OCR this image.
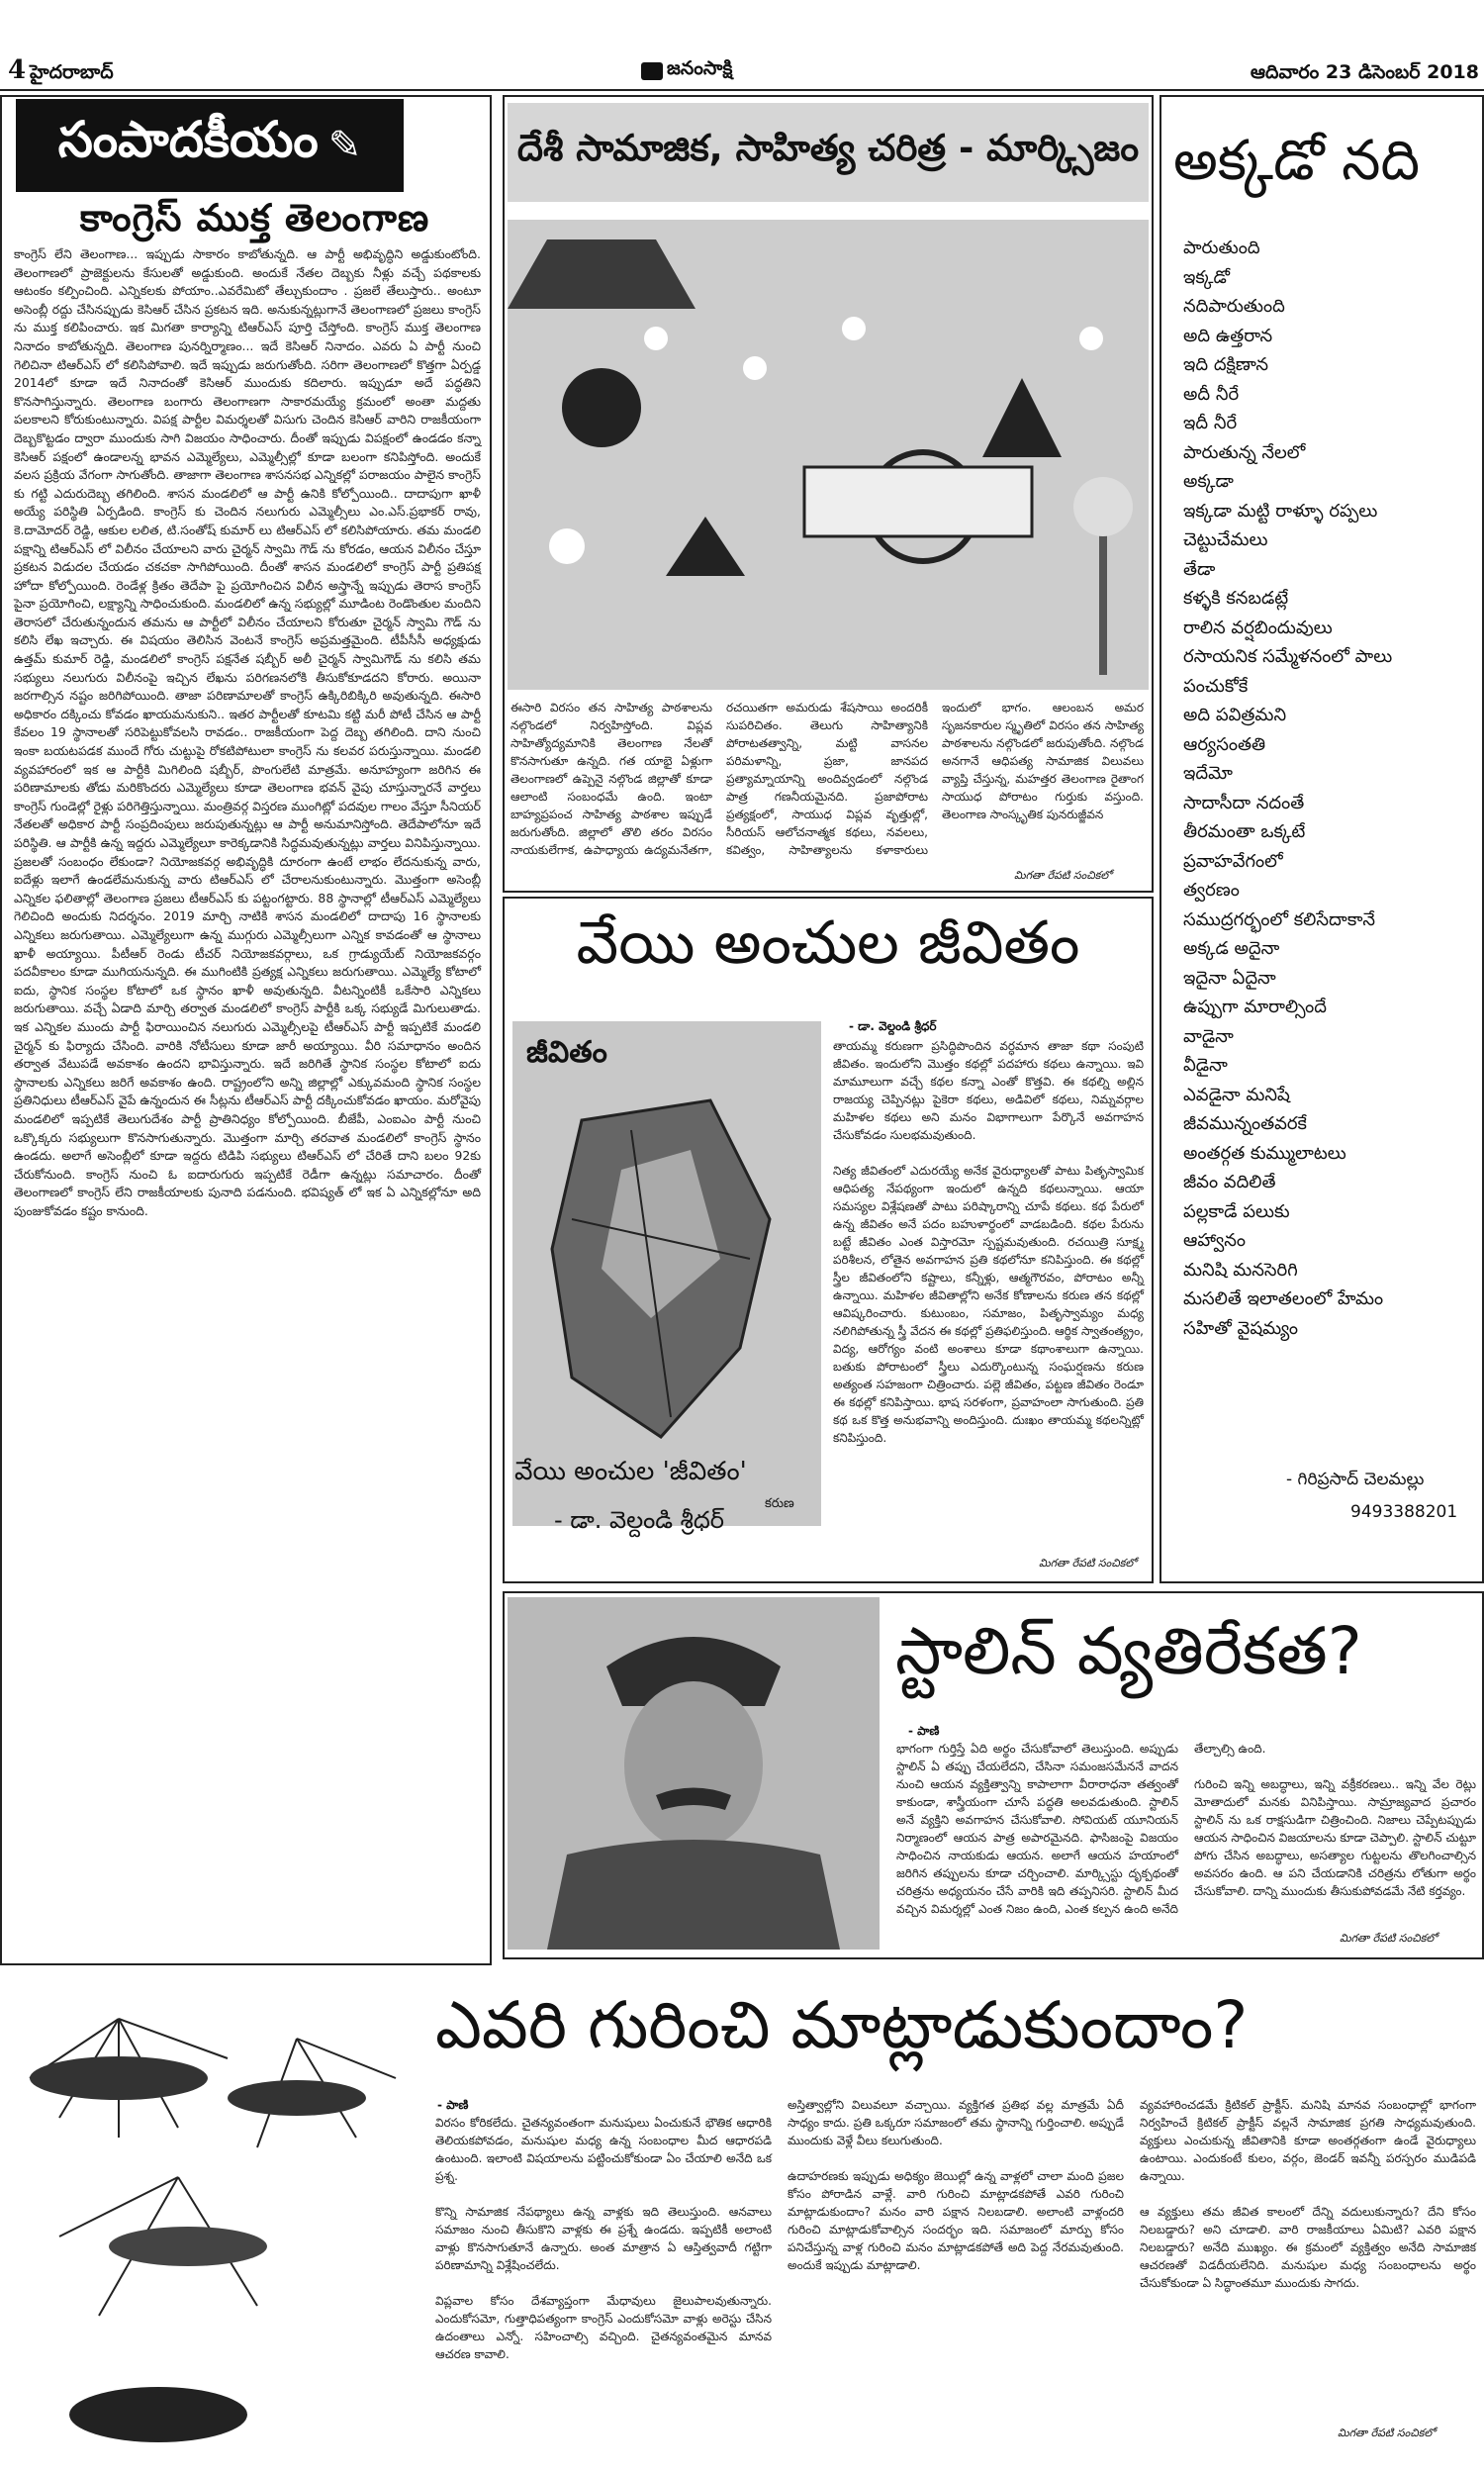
4 హైదరాబాద్	జనంసాక్షి	ఆదివారం 23 డిసెంబర్ 2018
సంపాదకీయం ✎
కాంగ్రెస్ ముక్త తెలంగాణ
కాంగ్రెస్ లేని తెలంగాణ... ఇప్పుడు సాకారం కాబోతున్నది. ఆ పార్టీ అభివృద్ధిని అడ్డుకుంటోంది. తెలంగాణలో ప్రాజెక్టులను కేసులతో అడ్డుకుంది. అందుకే నేతల దెబ్బకు నీళ్లు వచ్చే పథకాలకు ఆటంకం కల్పించింది. ఎన్నికలకు పోయాం..ఎవరేమిటో తేల్చుకుందాం . ప్రజలే తేలుస్తారు.. అంటూ అసెంబ్లీ రద్దు చేసినప్పుడు కెసిఆర్ చేసిన ప్రకటన ఇది. అనుకున్నట్లుగానే తెలంగాణలో ప్రజలు కాంగ్రెస్ ను ముక్త కలిపించారు. ఇక మిగతా కార్యాన్ని టిఆర్ఎస్ పూర్తి చేస్తోంది. కాంగ్రెస్ ముక్త తెలంగాణ నినాదం కాబోతున్నది. తెలంగాణ పునర్నిర్మాణం... ఇదే కెసిఆర్ నినాదం. ఎవరు ఏ పార్టీ నుంచి గెలిచినా టిఆర్ఎస్ లో కలిసిపోవాలి. ఇదే ఇప్పుడు జరుగుతోంది. సరిగా తెలంగాణలో కొత్తగా ఏర్పడ్డ 2014లో కూడా ఇదే నినాదంతో కెసిఆర్ ముందుకు కదిలారు. ఇప్పుడూ అదే పద్ధతిని కొనసాగిస్తున్నారు. తెలంగాణ బంగారు తెలంగాణగా సాకారమయ్యే క్రమంలో అంతా మద్దతు పలకాలని కోరుకుంటున్నారు. విపక్ష పార్టీల విమర్శలతో విసుగు చెందిన కెసిఆర్ వారిని రాజకీయంగా దెబ్బకొట్టడం ద్వారా ముందుకు సాగి విజయం సాధించారు. దీంతో ఇప్పుడు విపక్షంలో ఉండడం కన్నా కెసిఆర్ పక్షంలో ఉండాలన్న భావన ఎమ్మెల్యేలు, ఎమ్మెల్సీల్లో కూడా బలంగా కనిపిస్తోంది. అందుకే వలస ప్రక్రియ వేగంగా సాగుతోంది. తాజాగా తెలంగాణ శాసనసభ ఎన్నికల్లో పరాజయం పాలైన కాంగ్రెస్ కు గట్టి ఎదురుదెబ్బ తగిలింది. శాసన మండలిలో ఆ పార్టీ ఉనికి కోల్పోయింది.. దాదాపుగా ఖాళీ అయ్యే పరిస్థితి ఏర్పడింది. కాంగ్రెస్ కు చెందిన నలుగురు ఎమ్మెల్సీలు ఎం.ఎస్.ప్రభాకర్ రావు, కె.దామోదర్ రెడ్డి, ఆకుల లలిత, టి.సంతోష్ కుమార్ లు టిఆర్ఎస్ లో కలిసిపోయారు. తమ మండలి పక్షాన్ని టిఆర్ఎస్ లో విలీనం చేయాలని వారు చైర్మన్ స్వామి గౌడ్ ను కోరడం, ఆయన విలీనం చేస్తూ ప్రకటన విడుదల చేయడం చకచకా సాగిపోయింది. దీంతో శాసన మండలిలో కాంగ్రెస్ పార్టీ ప్రతిపక్ష హోదా కోల్పోయింది. రెండేళ్ల క్రితం తెదేపా పై ప్రయోగించిన విలీన అస్త్రాన్నే ఇప్పుడు తెరాస కాంగ్రెస్ పైనా ప్రయోగించి, లక్ష్యాన్ని సాధించుకుంది. మండలిలో ఉన్న సభ్యుల్లో మూడింట రెండొంతుల మందిని తెరాసలో చేరుతున్నందున తమను ఆ పార్టీలో విలీనం చేయాలని కోరుతూ చైర్మన్ స్వామి గౌడ్ ను కలిసి లేఖ ఇచ్చారు. ఈ విషయం తెలిసిన వెంటనే కాంగ్రెస్ అప్రమత్తమైంది. టీపీసీసీ అధ్యక్షుడు ఉత్తమ్ కుమార్ రెడ్డి, మండలిలో కాంగ్రెస్ పక్షనేత షబ్బీర్ అలీ చైర్మన్ స్వామిగౌడ్ ను కలిసి తమ సభ్యులు నలుగురు విలీనంపై ఇచ్చిన లేఖను పరిగణనలోకి తీసుకోకూడదని కోరారు. అయినా జరగాల్సిన నష్టం జరిగిపోయింది. తాజా పరిణామాలతో కాంగ్రెస్ ఉక్కిరిబిక్కిరి అవుతున్నది. ఈసారి అధికారం దక్కించు కోవడం ఖాయమనుకుని.. ఇతర పార్టీలతో కూటమి కట్టి మరీ పోటీ చేసిన ఆ పార్టీ కేవలం 19 స్థానాలతో సరిపెట్టుకోవలసి రావడం.. రాజకీయంగా పెద్ద దెబ్బ తగిలింది. దాని నుంచి ఇంకా బయటపడక ముందే గోరు చుట్టుపై రోకటిపోటులా కాంగ్రెస్ ను కలవర పరుస్తున్నాయి. మండలి వ్యవహారంలో ఇక ఆ పార్టీకి మిగిలింది షబ్బీర్, పొంగులేటి మాత్రమే. అనూహ్యంగా జరిగిన ఈ పరిణామాలకు తోడు మరికొందరు ఎమ్మెల్యేలు కూడా తెలంగాణ భవన్ వైపు చూస్తున్నారనే వార్తలు కాంగ్రెస్ గుండెల్లో రైళ్లు పరిగెత్తిస్తున్నాయి. మంత్రివర్గ విస్తరణ ముంగిట్లో పదవుల గాలం వేస్తూ సీనియర్ నేతలతో అధికార పార్టీ సంప్రదింపులు జరుపుతున్నట్లు ఆ పార్టీ అనుమానిస్తోంది. తెదేపాలోనూ ఇదే పరిస్థితి. ఆ పార్టీకి ఉన్న ఇద్దరు ఎమ్మెల్యేలూ కారెక్కడానికి సిద్ధమవుతున్నట్లు వార్తలు వినిపిస్తున్నాయి. ప్రజలతో సంబంధం లేకుండా? నియోజకవర్గ అభివృద్ధికి దూరంగా ఉంటే లాభం లేదనుకున్న వారు, ఐదేళ్లు ఇలాగే ఉండలేమనుకున్న వారు టిఆర్ఎస్ లో చేరాలనుకుంటున్నారు. మొత్తంగా అసెంబ్లీ ఎన్నికల ఫలితాల్లో తెలంగాణ ప్రజలు టీఆర్ఎస్ కు పట్టంగట్టారు. 88 స్థానాల్లో టీఆర్ఎస్ ఎమ్మెల్యేలు గెలిచింది అందుకు నిదర్శనం. 2019 మార్చి నాటికి శాసన మండలిలో దాదాపు 16 స్థానాలకు ఎన్నికలు జరుగుతాయి. ఎమ్మెల్యేలుగా ఉన్న ముగ్గురు ఎమ్మెల్సీలుగా ఎన్నిక కావడంతో ఆ స్థానాలు ఖాళీ అయ్యాయి. పీటీఆర్ రెండు టీచర్ నియోజకవర్గాలు, ఒక గ్రాడ్యుయేట్ నియోజకవర్గం పదవీకాలం కూడా ముగియనున్నది. ఈ ముగింటికి ప్రత్యక్ష ఎన్నికలు జరుగుతాయి. ఎమ్మెల్యే కోటాలో ఐదు, స్థానిక సంస్థల కోటాలో ఒక స్థానం ఖాళీ అవుతున్నది. వీటన్నింటికీ ఒకేసారి ఎన్నికలు జరుగుతాయి. వచ్చే ఏడాది మార్చి తర్వాత మండలిలో కాంగ్రెస్ పార్టీకి ఒక్క సభ్యుడే మిగులుతాడు. ఇక ఎన్నికల ముందు పార్టీ ఫిరాయించిన నలుగురు ఎమ్మెల్సీలపై టీఆర్ఎస్ పార్టీ ఇప్పటికే మండలి చైర్మన్ కు ఫిర్యాదు చేసింది. వారికి నోటీసులు కూడా జారీ అయ్యాయి. వీరి సమాధానం అందిన తర్వాత వేటుపడే అవకాశం ఉందని భావిస్తున్నారు. ఇదే జరిగితే స్థానిక సంస్థల కోటాలో ఐదు స్థానాలకు ఎన్నికలు జరిగే అవకాశం ఉంది. రాష్ట్రంలోని అన్ని జిల్లాల్లో ఎక్కువమంది స్థానిక సంస్థల ప్రతినిధులు టీఆర్ఎస్ వైపే ఉన్నందున ఈ సీట్లను టీఆర్ఎస్ పార్టీ దక్కించుకోవడం ఖాయం. మరోవైపు మండలిలో ఇప్పటికే తెలుగుదేశం పార్టీ ప్రాతినిధ్యం కోల్పోయింది. బీజేపీ, ఎంఐఎం పార్టీ నుంచి ఒక్కొక్కరు సభ్యులుగా కొనసాగుతున్నారు. మొత్తంగా మార్చి తరవాత మండలిలో కాంగ్రెస్ స్థానం ఉండదు. అలాగే అసెంబ్లీలో కూడా ఇద్దరు టిడిపి సభ్యులు టిఆర్ఎస్ లో చేరితే దాని బలం 92కు చేరుకోనుంది. కాంగ్రెస్ నుంచి ఓ ఐదారుగురు ఇప్పటికే రెడీగా ఉన్నట్లు సమాచారం. దీంతో తెలంగాణలో కాంగ్రెస్ లేని రాజకీయాలకు పునాది పడనుంది. భవిష్యత్ లో ఇక ఏ ఎన్నికల్లోనూ అది పుంజుకోవడం కష్టం కానుంది.
దేశీ సామాజిక, సాహిత్య చరిత్ర - మార్క్సిజం
ఈసారి విరసం తన సాహిత్య పాఠశాలను నల్గొండలో నిర్వహిస్తోంది. విప్లవ సాహిత్యోద్యమానికి తెలంగాణ నేలతో కొనసాగుతూ ఉన్నది. గత యాభై ఏళ్లుగా తెలంగాణలో ఉప్పెనై నల్గొండ జిల్లాతో కూడా ఆలాంటి సంబంధమే ఉంది. ఇంటా బాహ్యప్రపంచ సాహిత్య పాఠశాల ఇప్పుడే జరుగుతోంది. జిల్లాలో తొలి తరం విరసం నాయకులేగాక, ఉపాధ్యాయ ఉద్యమనేతగా, రచయితగా అమరుడు శేషసాయి అందరికీ సుపరిచితం. తెలుగు సాహిత్యానికి పోరాటతత్వాన్ని, మట్టి వాసనల పరిమళాన్ని, ప్రజా, జానపద ప్రత్యామ్నాయాన్ని అందివ్వడంలో నల్గొండ పాత్ర గణనీయమైనది. ప్రజాపోరాట ప్రత్యక్షంలో, సాయుధ విప్లవ వృత్తుల్లో, సీరియస్ ఆలోచనాత్మక కథలు, నవలలు, కవిత్వం, సాహిత్యాలను కళాకారులు ఇందులో భాగం. ఆలంబన అమర సృజనకారుల స్మృతిలో విరసం తన సాహిత్య పాఠశాలను నల్గొండలో జరుపుతోంది. నల్గొండ అనగానే ఆధిపత్య సామాజిక విలువలు వ్యాప్తి చేస్తున్న, మహత్తర తెలంగాణ రైతాంగ సాయుధ పోరాటం గుర్తుకు వస్తుంది. తెలంగాణ సాంస్కృతిక పునరుజ్జీవన
మిగతా రేపటి సంచికలో
అక్కడో నది
పారుతుంది
ఇక్కడో
నదిపారుతుంది
అది ఉత్తరాన
ఇది దక్షిణాన
అదీ నీరే
ఇదీ నీరే
పారుతున్న నేలలో
అక్కడా
ఇక్కడా మట్టి రాళ్ళూ రప్పలు
చెట్టుచేమలు
తేడా
కళ్ళకి కనబడట్లే
రాలిన వర్షబిందువులు
రసాయనిక సమ్మేళనంలో పాలు
పంచుకోకే
అది పవిత్రమని
ఆర్యసంతతి
ఇదేమో
సాదాసీదా నదంతే
తీరమంతా ఒక్కటే
ప్రవాహవేగంలో
త్వరణం
సముద్రగర్భంలో కలిసేదాకానే
అక్కడ అదైనా
ఇదైనా ఏదైనా
ఉప్పుగా మారాల్సిందే
వాడైనా
వీడైనా
ఎవడైనా మనిషే
జీవమున్నంతవరకే
అంతర్గత కుమ్ములాటలు
జీవం వదిలితే
పల్లకాడే పలుకు
ఆహ్వానం
మనిషి మనసెరిగి
మసలితే ఇలాతలంలో హేమం
సహితో వైషమ్యం
- గిరిప్రసాద్ చెలమల్లు
9493388201
వేయి అంచుల జీవితం
జీవితం
కరుణ
వేయి అంచుల 'జీవితం'
- డా. వెల్దండి శ్రీధర్
- డా. వెల్దండి శ్రీధర్
తాయమ్మ కరుణగా ప్రసిద్ధిపొందిన వర్ధమాన తాజా కథా సంపుటి జీవితం. ఇందులోని మొత్తం కథల్లో పదహారు కథలు ఉన్నాయి. ఇవి మామూలుగా వచ్చే కథల కన్నా ఎంతో కొత్తవి. ఈ కథల్ని అల్లిన రాజయ్య చెప్పినట్లు పైకెరా కథలు, అడివిలో కథలు, నిమ్నవర్గాల మహిళల కథలు అని మనం విభాగాలుగా పేర్కొనే అవగాహన చేసుకోవడం సులభమవుతుంది.

నిత్య జీవితంలో ఎదురయ్యే అనేక వైరుధ్యాలతో పాటు పితృస్వామిక ఆధిపత్య నేపథ్యంగా ఇందులో ఉన్నది కథలున్నాయి. ఆయా సమస్యల విశ్లేషణతో పాటు పరిష్కారాన్ని చూపే కథలు. కథ పేరులో ఉన్న జీవితం అనే పదం బహుళార్థంలో వాడబడింది. కథల పేరును బట్టే జీవితం ఎంత విస్తారమో స్పష్టమవుతుంది. రచయిత్రి సూక్ష్మ పరిశీలన, లోతైన అవగాహన ప్రతి కథలోనూ కనిపిస్తుంది. ఈ కథల్లో స్త్రీల జీవితంలోని కష్టాలు, కన్నీళ్లు, ఆత్మగౌరవం, పోరాటం అన్నీ ఉన్నాయి. మహిళల జీవితాల్లోని అనేక కోణాలను కరుణ తన కథల్లో ఆవిష్కరించారు. కుటుంబం, సమాజం, పితృస్వామ్యం మధ్య నలిగిపోతున్న స్త్రీ వేదన ఈ కథల్లో ప్రతిఫలిస్తుంది. ఆర్థిక స్వాతంత్య్రం, విద్య, ఆరోగ్యం వంటి అంశాలు కూడా కథాంశాలుగా ఉన్నాయి. బతుకు పోరాటంలో స్త్రీలు ఎదుర్కొంటున్న సంఘర్షణను కరుణ అత్యంత సహజంగా చిత్రించారు. పల్లె జీవితం, పట్టణ జీవితం రెండూ ఈ కథల్లో కనిపిస్తాయి. భాష సరళంగా, ప్రవాహంలా సాగుతుంది. ప్రతి కథ ఒక కొత్త అనుభవాన్ని అందిస్తుంది. దుఃఖం తాయమ్మ కథలన్నిట్లో కనిపిస్తుంది.
మిగతా రేపటి సంచికలో
స్టాలిన్ వ్యతిరేకత?
- పాణి
భాగంగా గుర్తిస్తే ఏది అర్థం చేసుకోవాలో తెలుస్తుంది. అప్పుడు స్టాలిన్ ఏ తప్పు చేయలేదని, చేసినా సమంజసమేననే వాదన నుంచి ఆయన వ్యక్తిత్వాన్ని కాపాలాగా వీరారాధనా తత్వంతో కాకుండా, శాస్త్రీయంగా చూసే పద్ధతి అలవడుతుంది. స్టాలిన్ అనే వ్యక్తిని అవగాహన చేసుకోవాలి. సోవియట్ యూనియన్ నిర్మాణంలో ఆయన పాత్ర అపారమైనది. ఫాసిజంపై విజయం సాధించిన నాయకుడు ఆయన. అలాగే ఆయన హయాంలో జరిగిన తప్పులను కూడా చర్చించాలి. మార్క్సిస్టు దృక్పథంతో చరిత్రను అధ్యయనం చేసే వారికి ఇది తప్పనిసరి. స్టాలిన్ మీద వచ్చిన విమర్శల్లో ఎంత నిజం ఉంది, ఎంత కల్పన ఉంది అనేది తేల్చాల్సి ఉంది.

గురించి ఇన్ని అబద్ధాలు, ఇన్ని వక్రీకరణలు.. ఇన్ని వేల రెట్లు మోతాదులో మనకు వినిపిస్తాయి. సామ్రాజ్యవాద ప్రచారం స్టాలిన్ ను ఒక రాక్షసుడిగా చిత్రించింది. నిజాలు చెప్పేటప్పుడు ఆయన సాధించిన విజయాలను కూడా చెప్పాలి. స్టాలిన్ చుట్టూ పోగు చేసిన అబద్ధాలు, అసత్యాల గుట్టలను తొలగించాల్సిన అవసరం ఉంది. ఆ పని చేయడానికి చరిత్రను లోతుగా అర్థం చేసుకోవాలి. దాన్ని ముందుకు తీసుకుపోవడమే నేటి కర్తవ్యం.
మిగతా రేపటి సంచికలో
ఎవరి గురించి మాట్లాడుకుందాం?
- పాణి
విరసం కోరికలేదు. చైతన్యవంతంగా మనుషులు ఏంచుకునే భౌతిక ఆధారికి తెలియకపోవడం, మనుషుల మధ్య ఉన్న సంబంధాల మీద ఆధారపడి ఉంటుంది. ఇలాంటి విషయాలను పట్టించుకోకుండా ఏం చేయాలి అనేది ఒక ప్రశ్న.

కొన్ని సామాజిక నేపథ్యాలు ఉన్న వాళ్లకు ఇది తెలుస్తుంది. ఆనవాలు సమాజం నుంచి తీసుకొని వాళ్లకు ఈ ప్రశ్నే ఉండదు. ఇప్పటికీ అలాంటి వాళ్లు కొనసాగుతూనే ఉన్నారు. అంత మాత్రాన ఏ ఆస్తిత్వవాదీ గట్టిగా పరిణామాన్ని విశ్లేషించలేదు.

విప్లవాల కోసం దేశవ్యాప్తంగా మేధావులు జైలుపాలవుతున్నారు. ఎందుకోసమో, గుత్తాధిపత్యంగా కాంగ్రెస్ ఎందుకోసమో వాళ్లు అరెస్టు చేసిన ఉదంతాలు ఎన్నో. సహించాల్సి వచ్చింది. చైతన్యవంతమైన మానవ ఆచరణ కావాలి.
అస్తిత్వాల్లోని విలువలూ వచ్చాయి. వ్యక్తిగత ప్రతిభ వల్ల మాత్రమే ఏదీ సాధ్యం కాదు. ప్రతి ఒక్కరూ సమాజంలో తమ స్థానాన్ని గుర్తించాలి. అప్పుడే ముందుకు వెళ్లే వీలు కలుగుతుంది.

ఉదాహరణకు ఇప్పుడు అధిక్యం జెయిల్లో ఉన్న వాళ్లలో చాలా మంది ప్రజల కోసం పోరాడిన వాళ్లే. వారి గురించి మాట్లాడకపోతే ఎవరి గురించి మాట్లాడుకుందాం? మనం వారి పక్షాన నిలబడాలి. అలాంటి వాళ్లందరి గురించి మాట్లాడుకోవాల్సిన సందర్భం ఇది. సమాజంలో మార్పు కోసం పనిచేస్తున్న వాళ్ల గురించి మనం మాట్లాడకపోతే అది పెద్ద నేరమవుతుంది. అందుకే ఇప్పుడు మాట్లాడాలి.
వ్యవహారించడమే క్రిటికల్ ప్రాక్టీస్. మనిషి మానవ సంబంధాల్లో భాగంగా నిర్వహించే క్రిటికల్ ప్రాక్టీస్ వల్లనే సామాజిక ప్రగతి సాధ్యమవుతుంది. వ్యక్తులు ఎంచుకున్న జీవితానికి కూడా అంతర్గతంగా ఉండే వైరుధ్యాలు ఉంటాయి. ఎందుకంటే కులం, వర్గం, జెండర్ ఇవన్నీ పరస్పరం ముడిపడి ఉన్నాయి.

ఆ వ్యక్తులు తమ జీవిత కాలంలో దేన్ని వదులుకున్నారు? దేని కోసం నిలబడ్డారు? అని చూడాలి. వారి రాజకీయాలు ఏమిటి? ఎవరి పక్షాన నిలబడ్డారు? అనేది ముఖ్యం. ఈ క్రమంలో వ్యక్తిత్వం అనేది సామాజిక ఆచరణతో విడదీయలేనిది. మనుషుల మధ్య సంబంధాలను అర్థం చేసుకోకుండా ఏ సిద్ధాంతమూ ముందుకు సాగదు.
మిగతా రేపటి సంచికలో
